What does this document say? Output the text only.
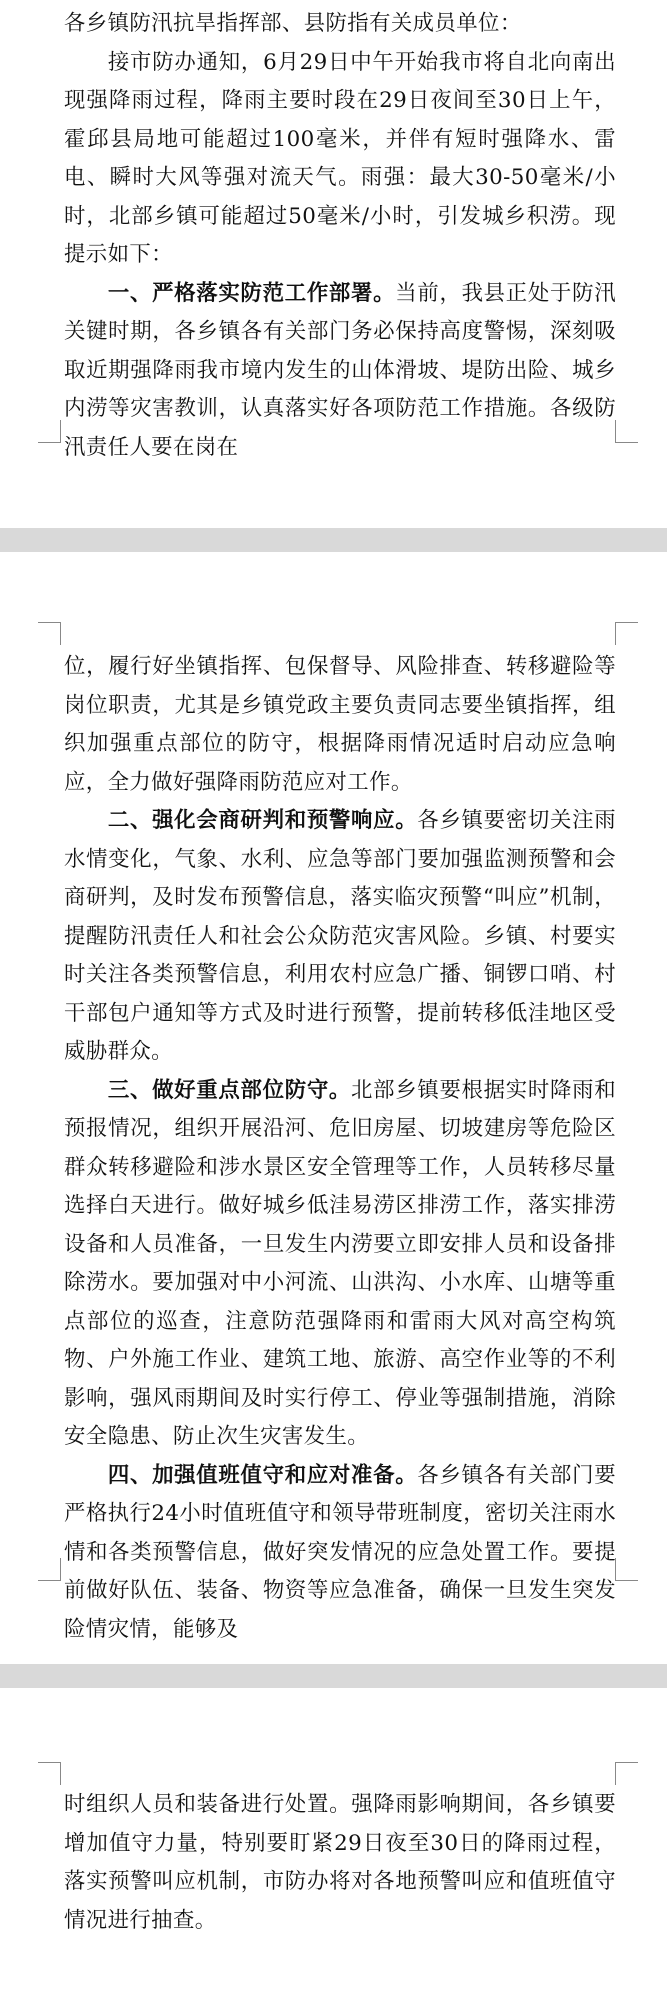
各乡镇防汛抗旱指挥部、县防指有关成员单位：

接市防办通知，6月29日中午开始我市将自北向南出现强降雨过程，降雨主要时段在29日夜间至30日上午，霍邱县局地可能超过100毫米，并伴有短时强降水、雷电、瞬时大风等强对流天气。雨强：最大30-50毫米/小时，北部乡镇可能超过50毫米/小时，引发城乡积涝。现提示如下：

一、严格落实防范工作部署。当前，我县正处于防汛关键时期，各乡镇各有关部门务必保持高度警惕，深刻吸取近期强降雨我市境内发生的山体滑坡、堤防出险、城乡内涝等灾害教训，认真落实好各项防范工作措施。各级防汛责任人要在岗在

位，履行好坐镇指挥、包保督导、风险排查、转移避险等岗位职责，尤其是乡镇党政主要负责同志要坐镇指挥，组织加强重点部位的防守，根据降雨情况适时启动应急响应，全力做好强降雨防范应对工作。

二、强化会商研判和预警响应。各乡镇要密切关注雨水情变化，气象、水利、应急等部门要加强监测预警和会商研判，及时发布预警信息，落实临灾预警“叫应”机制，提醒防汛责任人和社会公众防范灾害风险。乡镇、村要实时关注各类预警信息，利用农村应急广播、铜锣口哨、村干部包户通知等方式及时进行预警，提前转移低洼地区受威胁群众。

三、做好重点部位防守。北部乡镇要根据实时降雨和预报情况，组织开展沿河、危旧房屋、切坡建房等危险区群众转移避险和涉水景区安全管理等工作，人员转移尽量选择白天进行。做好城乡低洼易涝区排涝工作，落实排涝设备和人员准备，一旦发生内涝要立即安排人员和设备排除涝水。要加强对中小河流、山洪沟、小水库、山塘等重点部位的巡查，注意防范强降雨和雷雨大风对高空构筑物、户外施工作业、建筑工地、旅游、高空作业等的不利影响，强风雨期间及时实行停工、停业等强制措施，消除安全隐患、防止次生灾害发生。

四、加强值班值守和应对准备。各乡镇各有关部门要严格执行24小时值班值守和领导带班制度，密切关注雨水情和各类预警信息，做好突发情况的应急处置工作。要提前做好队伍、装备、物资等应急准备，确保一旦发生突发险情灾情，能够及

时组织人员和装备进行处置。强降雨影响期间，各乡镇要增加值守力量，特别要盯紧29日夜至30日的降雨过程，落实预警叫应机制，市防办将对各地预警叫应和值班值守情况进行抽查。
